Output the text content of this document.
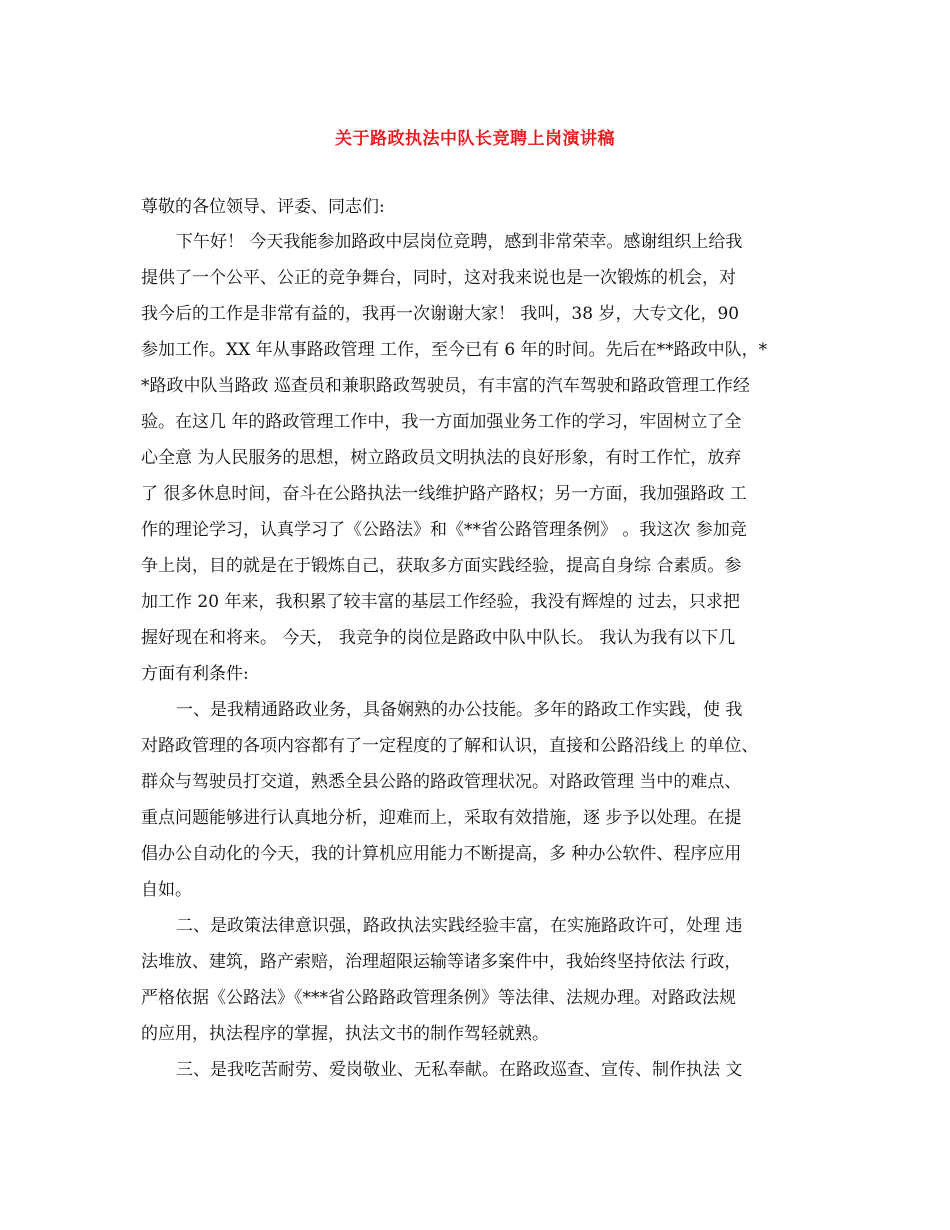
关于路政执法中队长竞聘上岗演讲稿
尊敬的各位领导、评委、同志们:
下午好！ 今天我能参加路政中层岗位竞聘，感到非常荣幸。感谢组织上给我
提供了一个公平、公正的竞争舞台，同时，这对我来说也是一次锻炼的机会，对
我今后的工作是非常有益的，我再一次谢谢大家！ 我叫，38 岁，大专文化，90
参加工作。XX 年从事路政管理 工作，至今已有 6 年的时间。先后在**路政中队，*
*路政中队当路政 巡查员和兼职路政驾驶员，有丰富的汽车驾驶和路政管理工作经
验。在这几 年的路政管理工作中，我一方面加强业务工作的学习，牢固树立了全
心全意 为人民服务的思想，树立路政员文明执法的良好形象，有时工作忙，放弃
了 很多休息时间，奋斗在公路执法一线维护路产路权；另一方面，我加强路政 工
作的理论学习，认真学习了《公路法》和《**省公路管理条例》 。我这次 参加竞
争上岗，目的就是在于锻炼自己，获取多方面实践经验，提高自身综 合素质。参
加工作 20 年来，我积累了较丰富的基层工作经验，我没有辉煌的 过去，只求把
握好现在和将来。 今天， 我竞争的岗位是路政中队中队长。 我认为我有以下几
方面有利条件:
一、是我精通路政业务，具备娴熟的办公技能。多年的路政工作实践，使 我
对路政管理的各项内容都有了一定程度的了解和认识，直接和公路沿线上 的单位、
群众与驾驶员打交道，熟悉全县公路的路政管理状况。对路政管理 当中的难点、
重点问题能够进行认真地分析，迎难而上，采取有效措施，逐 步予以处理。在提
倡办公自动化的今天，我的计算机应用能力不断提高，多 种办公软件、程序应用
自如。
二、是政策法律意识强，路政执法实践经验丰富，在实施路政许可，处理 违
法堆放、建筑，路产索赔，治理超限运输等诸多案件中，我始终坚持依法 行政，
严格依据《公路法》《***省公路路政管理条例》等法律、法规办理。对路政法规
的应用，执法程序的掌握，执法文书的制作驾轻就熟。
三、是我吃苦耐劳、爱岗敬业、无私奉献。在路政巡查、宣传、制作执法 文
